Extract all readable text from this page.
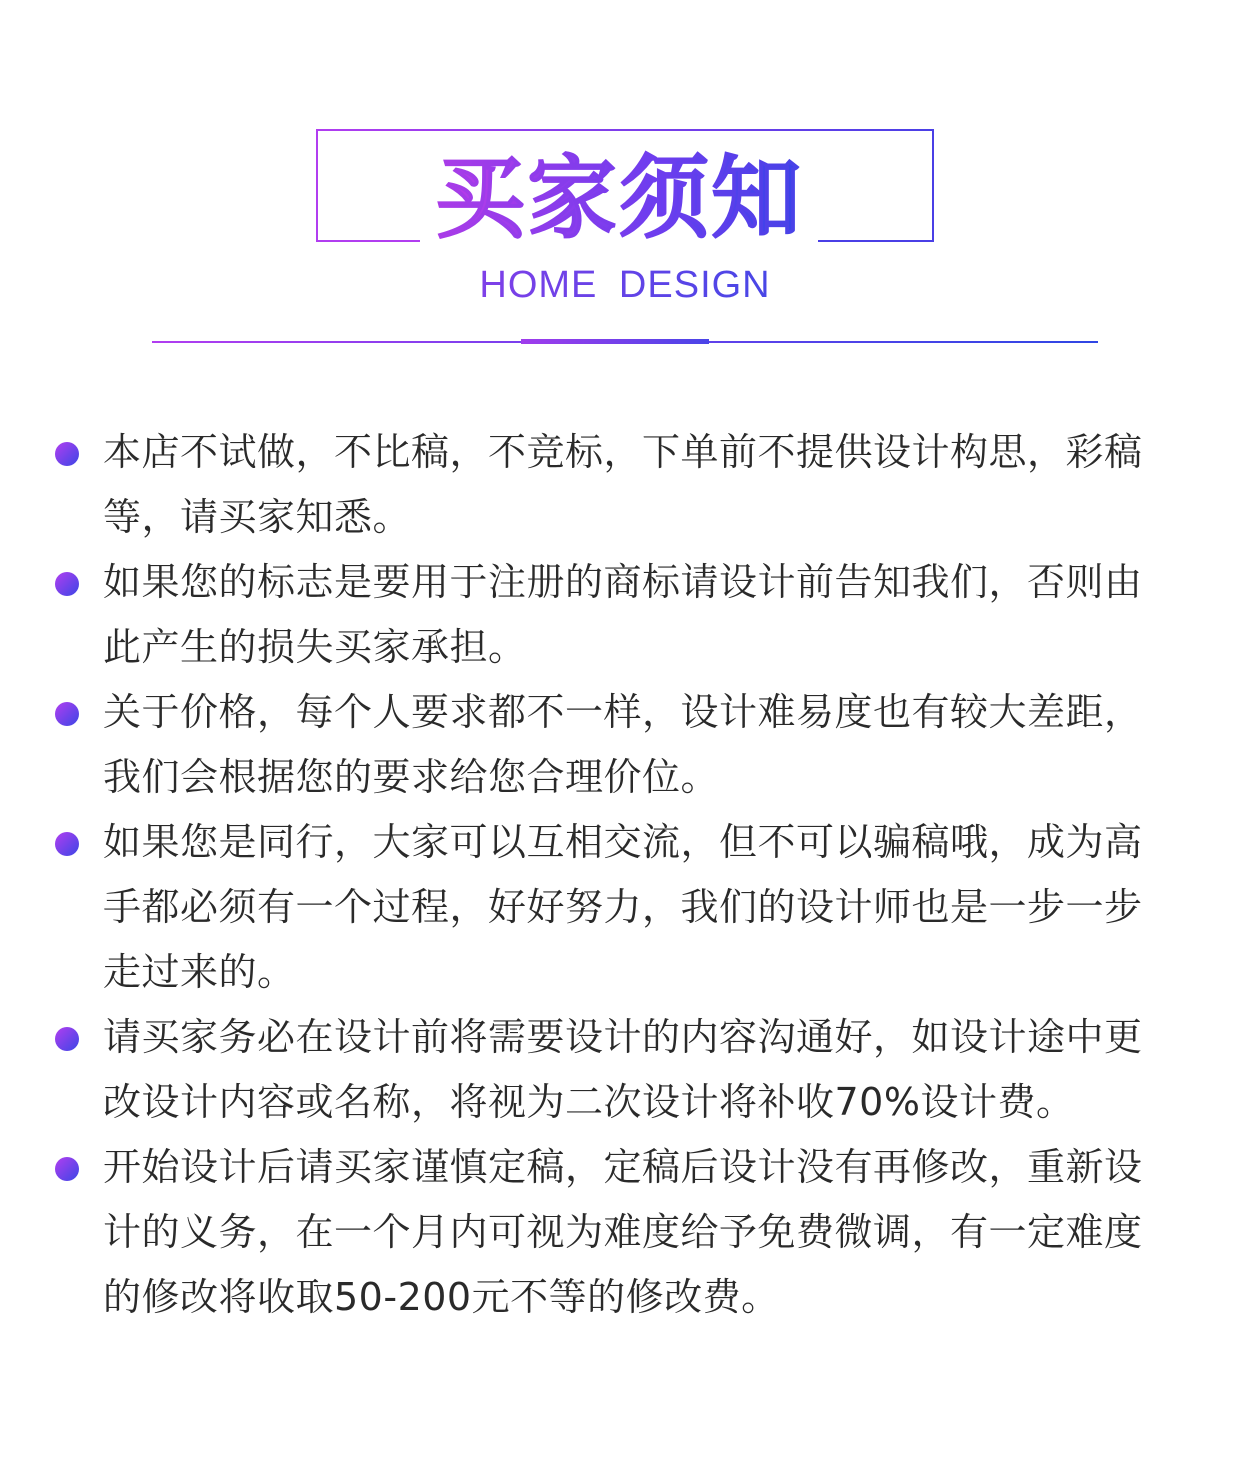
买家须知
HOME DESIGN
本店不试做，不比稿，不竞标，下单前不提供设计构思，彩稿等，请买家知悉。
如果您的标志是要用于注册的商标请设计前告知我们，否则由此产生的损失买家承担。
关于价格，每个人要求都不一样，设计难易度也有较大差距，我们会根据您的要求给您合理价位。
如果您是同行，大家可以互相交流，但不可以骗稿哦，成为高手都必须有一个过程，好好努力，我们的设计师也是一步一步走过来的。
请买家务必在设计前将需要设计的内容沟通好，如设计途中更改设计内容或名称，将视为二次设计将补收70%设计费。
开始设计后请买家谨慎定稿，定稿后设计没有再修改，重新设计的义务，在一个月内可视为难度给予免费微调，有一定难度的修改将收取50-200元不等的修改费。
